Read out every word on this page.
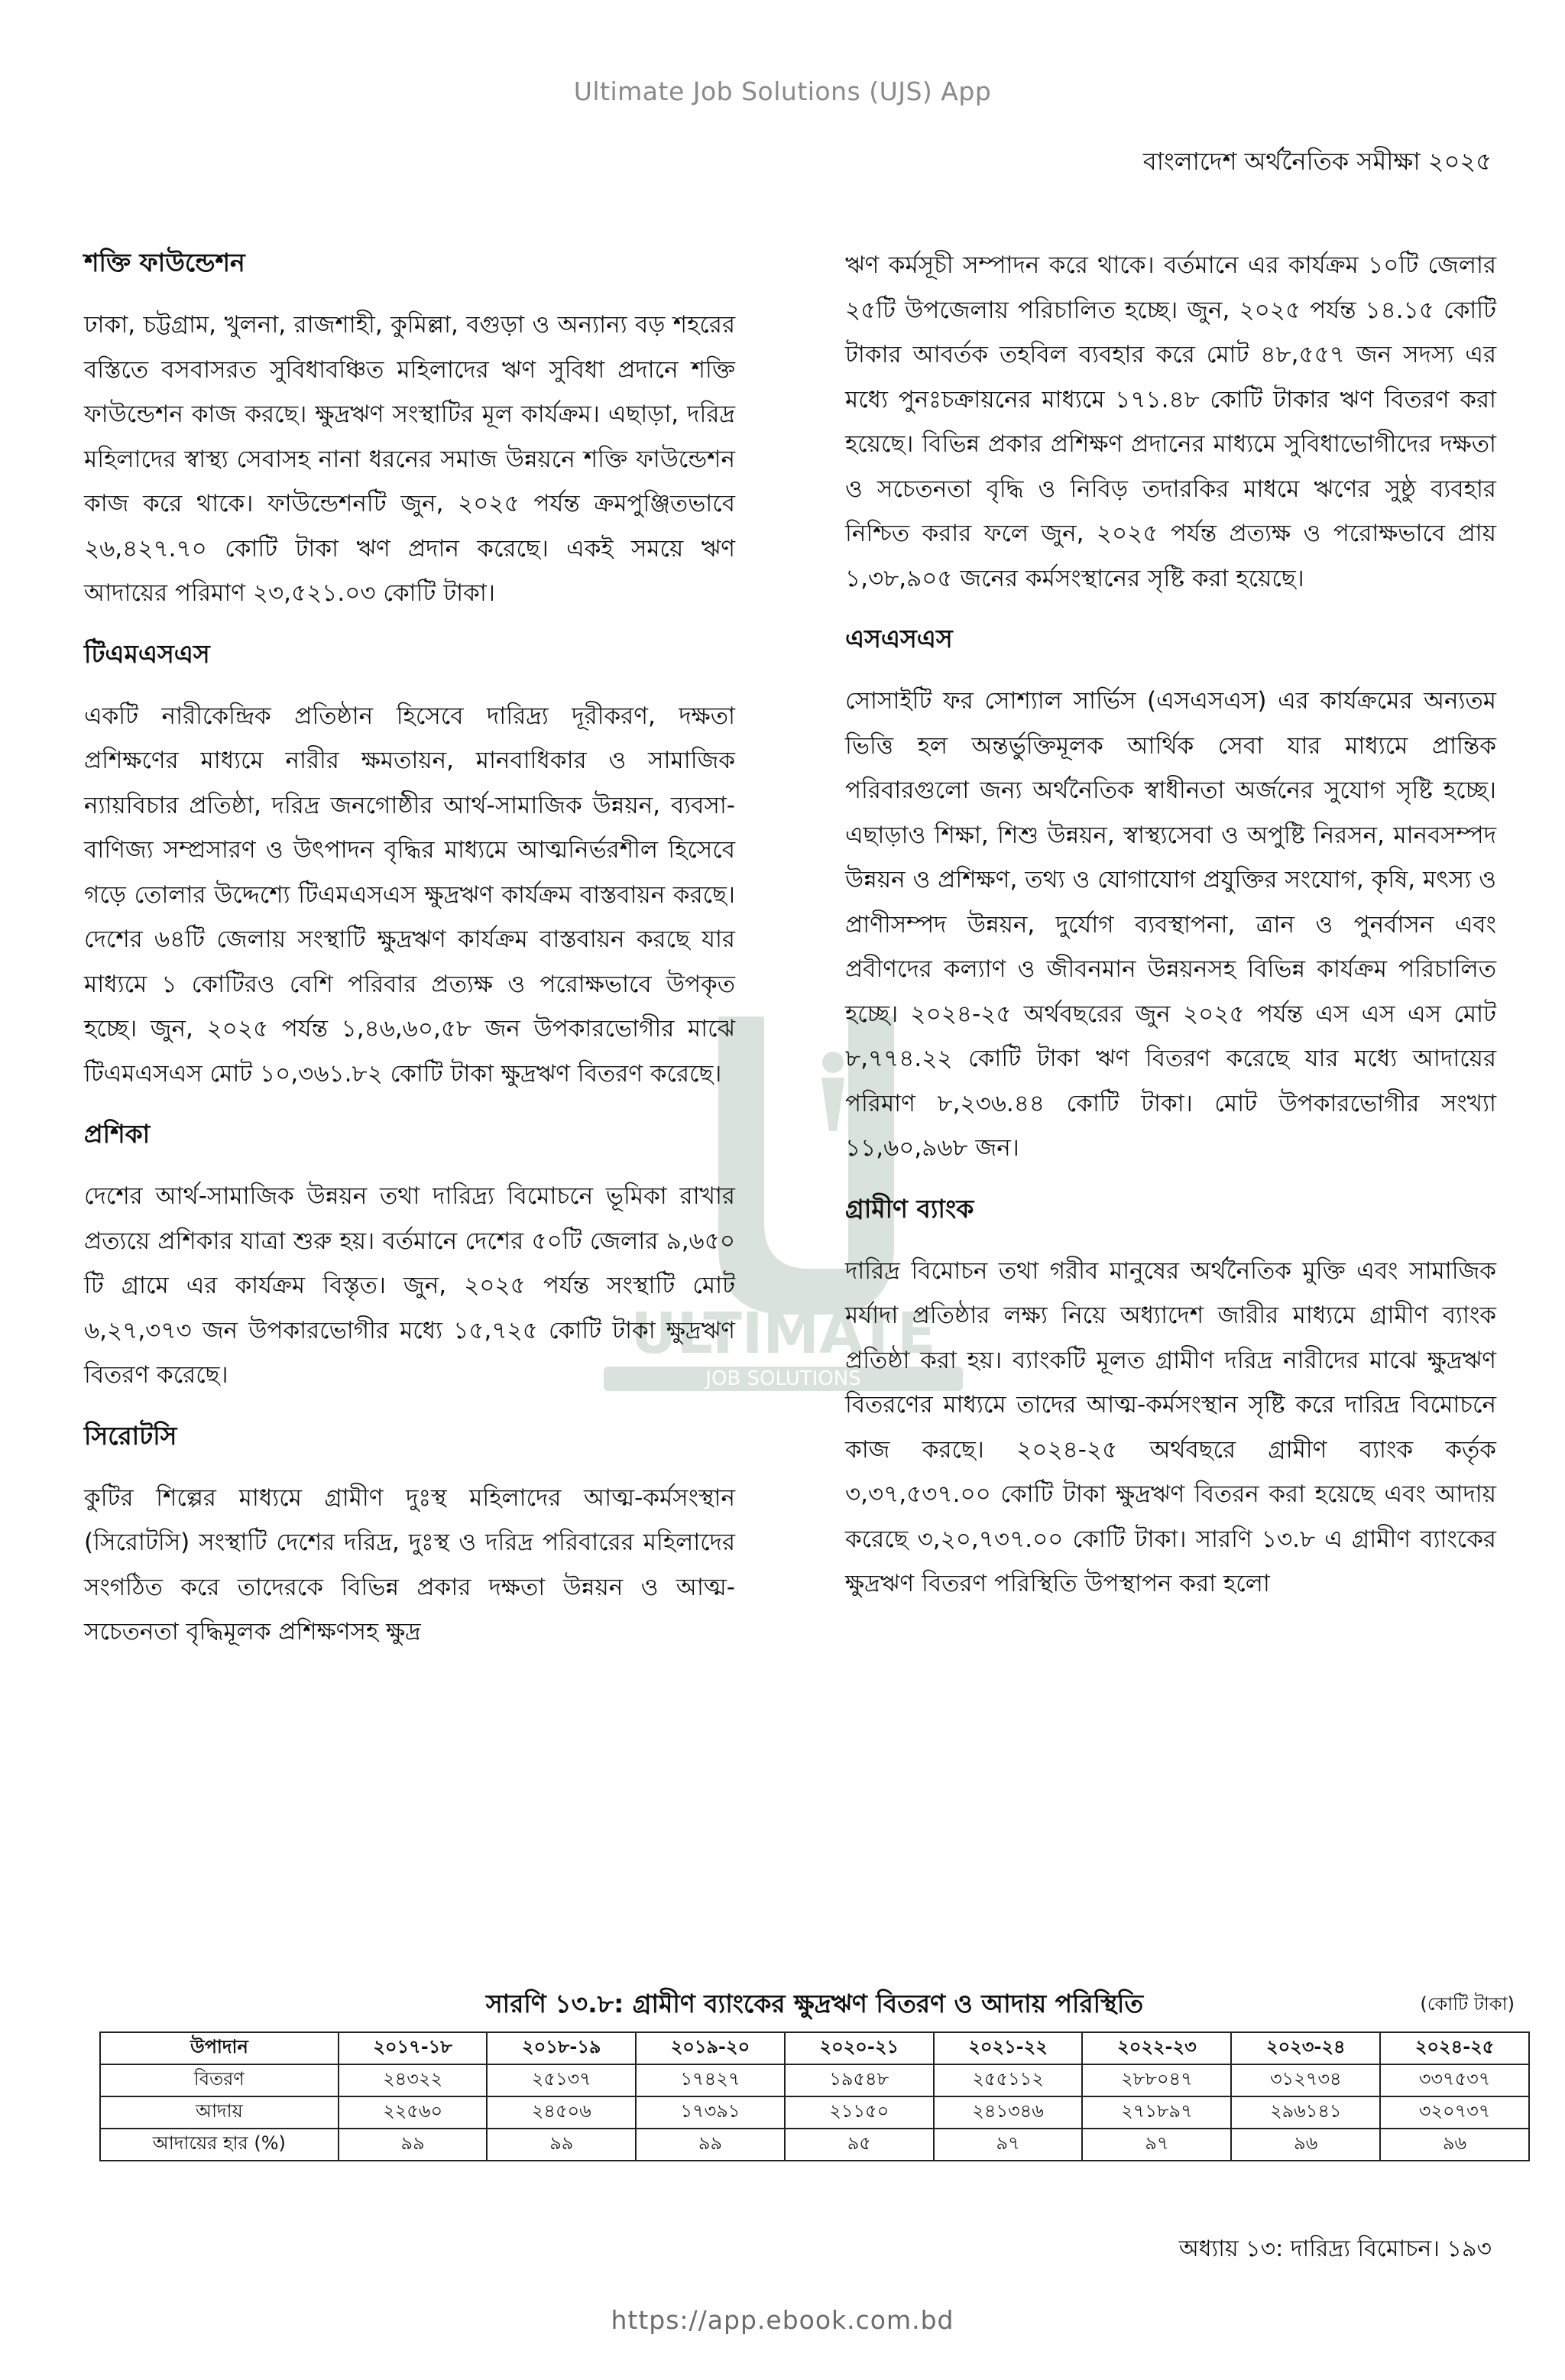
Ultimate Job Solutions (UJS) App
বাংলাদেশ অর্থনৈতিক সমীক্ষা ২০২৫
ULTIMATE
JOB SOLUTIONS
শক্তি ফাউন্ডেশন

ঢাকা, চট্টগ্রাম, খুলনা, রাজশাহী, কুমিল্লা, বগুড়া ও অন্যান্য বড় শহরের বস্তিতে বসবাসরত সুবিধাবঞ্চিত মহিলাদের ঋণ সুবিধা প্রদানে শক্তি ফাউন্ডেশন কাজ করছে। ক্ষুদ্রঋণ সংস্থাটির মূল কার্যক্রম। এছাড়া, দরিদ্র মহিলাদের স্বাস্থ্য সেবাসহ নানা ধরনের সমাজ উন্নয়নে শক্তি ফাউন্ডেশন কাজ করে থাকে। ফাউন্ডেশনটি জুন, ২০২৫ পর্যন্ত ক্রমপুঞ্জিতভাবে ২৬,৪২৭.৭০ কোটি টাকা ঋণ প্রদান করেছে। একই সময়ে ঋণ আদায়ের পরিমাণ ২৩,৫২১.০৩ কোটি টাকা।

টিএমএসএস

একটি নারীকেন্দ্রিক প্রতিষ্ঠান হিসেবে দারিদ্র্য দূরীকরণ, দক্ষতা প্রশিক্ষণের মাধ্যমে নারীর ক্ষমতায়ন, মানবাধিকার ও সামাজিক ন্যায়বিচার প্রতিষ্ঠা, দরিদ্র জনগোষ্ঠীর আর্থ-সামাজিক উন্নয়ন, ব্যবসা-বাণিজ্য সম্প্রসারণ ও উৎপাদন বৃদ্ধির মাধ্যমে আত্মনির্ভরশীল হিসেবে গড়ে তোলার উদ্দেশ্যে টিএমএসএস ক্ষুদ্রঋণ কার্যক্রম বাস্তবায়ন করছে। দেশের ৬৪টি জেলায় সংস্থাটি ক্ষুদ্রঋণ কার্যক্রম বাস্তবায়ন করছে যার মাধ্যমে ১ কোটিরও বেশি পরিবার প্রত্যক্ষ ও পরোক্ষভাবে উপকৃত হচ্ছে। জুন, ২০২৫ পর্যন্ত ১,৪৬,৬০,৫৮ জন উপকারভোগীর মাঝে টিএমএসএস মোট ১০,৩৬১.৮২ কোটি টাকা ক্ষুদ্রঋণ বিতরণ করেছে।

প্রশিকা

দেশের আর্থ-সামাজিক উন্নয়ন তথা দারিদ্র্য বিমোচনে ভূমিকা রাখার প্রত্যয়ে প্রশিকার যাত্রা শুরু হয়। বর্তমানে দেশের ৫০টি জেলার ৯,৬৫০ টি গ্রামে এর কার্যক্রম বিস্তৃত। জুন, ২০২৫ পর্যন্ত সংস্থাটি মোট ৬,২৭,৩৭৩ জন উপকারভোগীর মধ্যে ১৫,৭২৫ কোটি টাকা ক্ষুদ্রঋণ বিতরণ করেছে।

সিরোটসি

কুটির শিল্পের মাধ্যমে গ্রামীণ দুঃস্থ মহিলাদের আত্ম-কর্মসংস্থান (সিরোটসি) সংস্থাটি দেশের দরিদ্র, দুঃস্থ ও দরিদ্র পরিবারের মহিলাদের সংগঠিত করে তাদেরকে বিভিন্ন প্রকার দক্ষতা উন্নয়ন ও আত্ম-সচেতনতা বৃদ্ধিমূলক প্রশিক্ষণসহ ক্ষুদ্র

ঋণ কর্মসূচী সম্পাদন করে থাকে। বর্তমানে এর কার্যক্রম ১০টি জেলার ২৫টি উপজেলায় পরিচালিত হচ্ছে। জুন, ২০২৫ পর্যন্ত ১৪.১৫ কোটি টাকার আবর্তক তহবিল ব্যবহার করে মোট ৪৮,৫৫৭ জন সদস্য এর মধ্যে পুনঃচক্রায়নের মাধ্যমে ১৭১.৪৮ কোটি টাকার ঋণ বিতরণ করা হয়েছে। বিভিন্ন প্রকার প্রশিক্ষণ প্রদানের মাধ্যমে সুবিধাভোগীদের দক্ষতা ও সচেতনতা বৃদ্ধি ও নিবিড় তদারকির মাধমে ঋণের সুষ্ঠু ব্যবহার নিশ্চিত করার ফলে জুন, ২০২৫ পর্যন্ত প্রত্যক্ষ ও পরোক্ষভাবে প্রায় ১,৩৮,৯০৫ জনের কর্মসংস্থানের সৃষ্টি করা হয়েছে।

এসএসএস

সোসাইটি ফর সোশ্যাল সার্ভিস (এসএসএস) এর কার্যক্রমের অন্যতম ভিত্তি হল অন্তর্ভুক্তিমূলক আর্থিক সেবা যার মাধ্যমে প্রান্তিক পরিবারগুলো জন্য অর্থনৈতিক স্বাধীনতা অর্জনের সুযোগ সৃষ্টি হচ্ছে। এছাড়াও শিক্ষা, শিশু উন্নয়ন, স্বাস্থ্যসেবা ও অপুষ্টি নিরসন, মানবসম্পদ উন্নয়ন ও প্রশিক্ষণ, তথ্য ও যোগাযোগ প্রযুক্তির সংযোগ, কৃষি, মৎস্য ও প্রাণীসম্পদ উন্নয়ন, দুর্যোগ ব্যবস্থাপনা, ত্রান ও পুনর্বাসন এবং প্রবীণদের কল্যাণ ও জীবনমান উন্নয়নসহ বিভিন্ন কার্যক্রম পরিচালিত হচ্ছে। ২০২৪-২৫ অর্থবছরের জুন ২০২৫ পর্যন্ত এস এস এস মোট ৮,৭৭৪.২২ কোটি টাকা ঋণ বিতরণ করেছে যার মধ্যে আদায়ের পরিমাণ ৮,২৩৬.৪৪ কোটি টাকা। মোট উপকারভোগীর সংখ্যা ১১,৬০,৯৬৮ জন।

গ্রামীণ ব্যাংক

দারিদ্র বিমোচন তথা গরীব মানুষের অর্থনৈতিক মুক্তি এবং সামাজিক মর্যাদা প্রতিষ্ঠার লক্ষ্য নিয়ে অধ্যাদেশ জারীর মাধ্যমে গ্রামীণ ব্যাংক প্রতিষ্ঠা করা হয়। ব্যাংকটি মূলত গ্রামীণ দরিদ্র নারীদের মাঝে ক্ষুদ্রঋণ বিতরণের মাধ্যমে তাদের আত্ম-কর্মসংস্থান সৃষ্টি করে দারিদ্র বিমোচনে কাজ করছে। ২০২৪-২৫ অর্থবছরে গ্রামীণ ব্যাংক কর্তৃক ৩,৩৭,৫৩৭.০০ কোটি টাকা ক্ষুদ্রঋণ বিতরন করা হয়েছে এবং আদায় করেছে ৩,২০,৭৩৭.০০ কোটি টাকা। সারণি ১৩.৮ এ গ্রামীণ ব্যাংকের ক্ষুদ্রঋণ বিতরণ পরিস্থিতি উপস্থাপন করা হলো

সারণি ১৩.৮: গ্রামীণ ব্যাংকের ক্ষুদ্রঋণ বিতরণ ও আদায় পরিস্থিতি	(কোটি টাকা)
উপাদান	২০১৭-১৮	২০১৮-১৯	২০১৯-২০	২০২০-২১	২০২১-২২	২০২২-২৩	২০২৩-২৪	২০২৪-২৫
বিতরণ	২৪৩২২	২৫১৩৭	১৭৪২৭	১৯৫৪৮	২৫৫১১২	২৮৮০৪৭	৩১২৭৩৪	৩৩৭৫৩৭
আদায়	২২৫৬০	২৪৫০৬	১৭৩৯১	২১১৫০	২৪১৩৪৬	২৭১৮৯৭	২৯৬১৪১	৩২০৭৩৭
আদায়ের হার (%)	৯৯	৯৯	৯৯	৯৫	৯৭	৯৭	৯৬	৯৬
অধ্যায় ১৩: দারিদ্র্য বিমোচন। ১৯৩
https://app.ebook.com.bd
